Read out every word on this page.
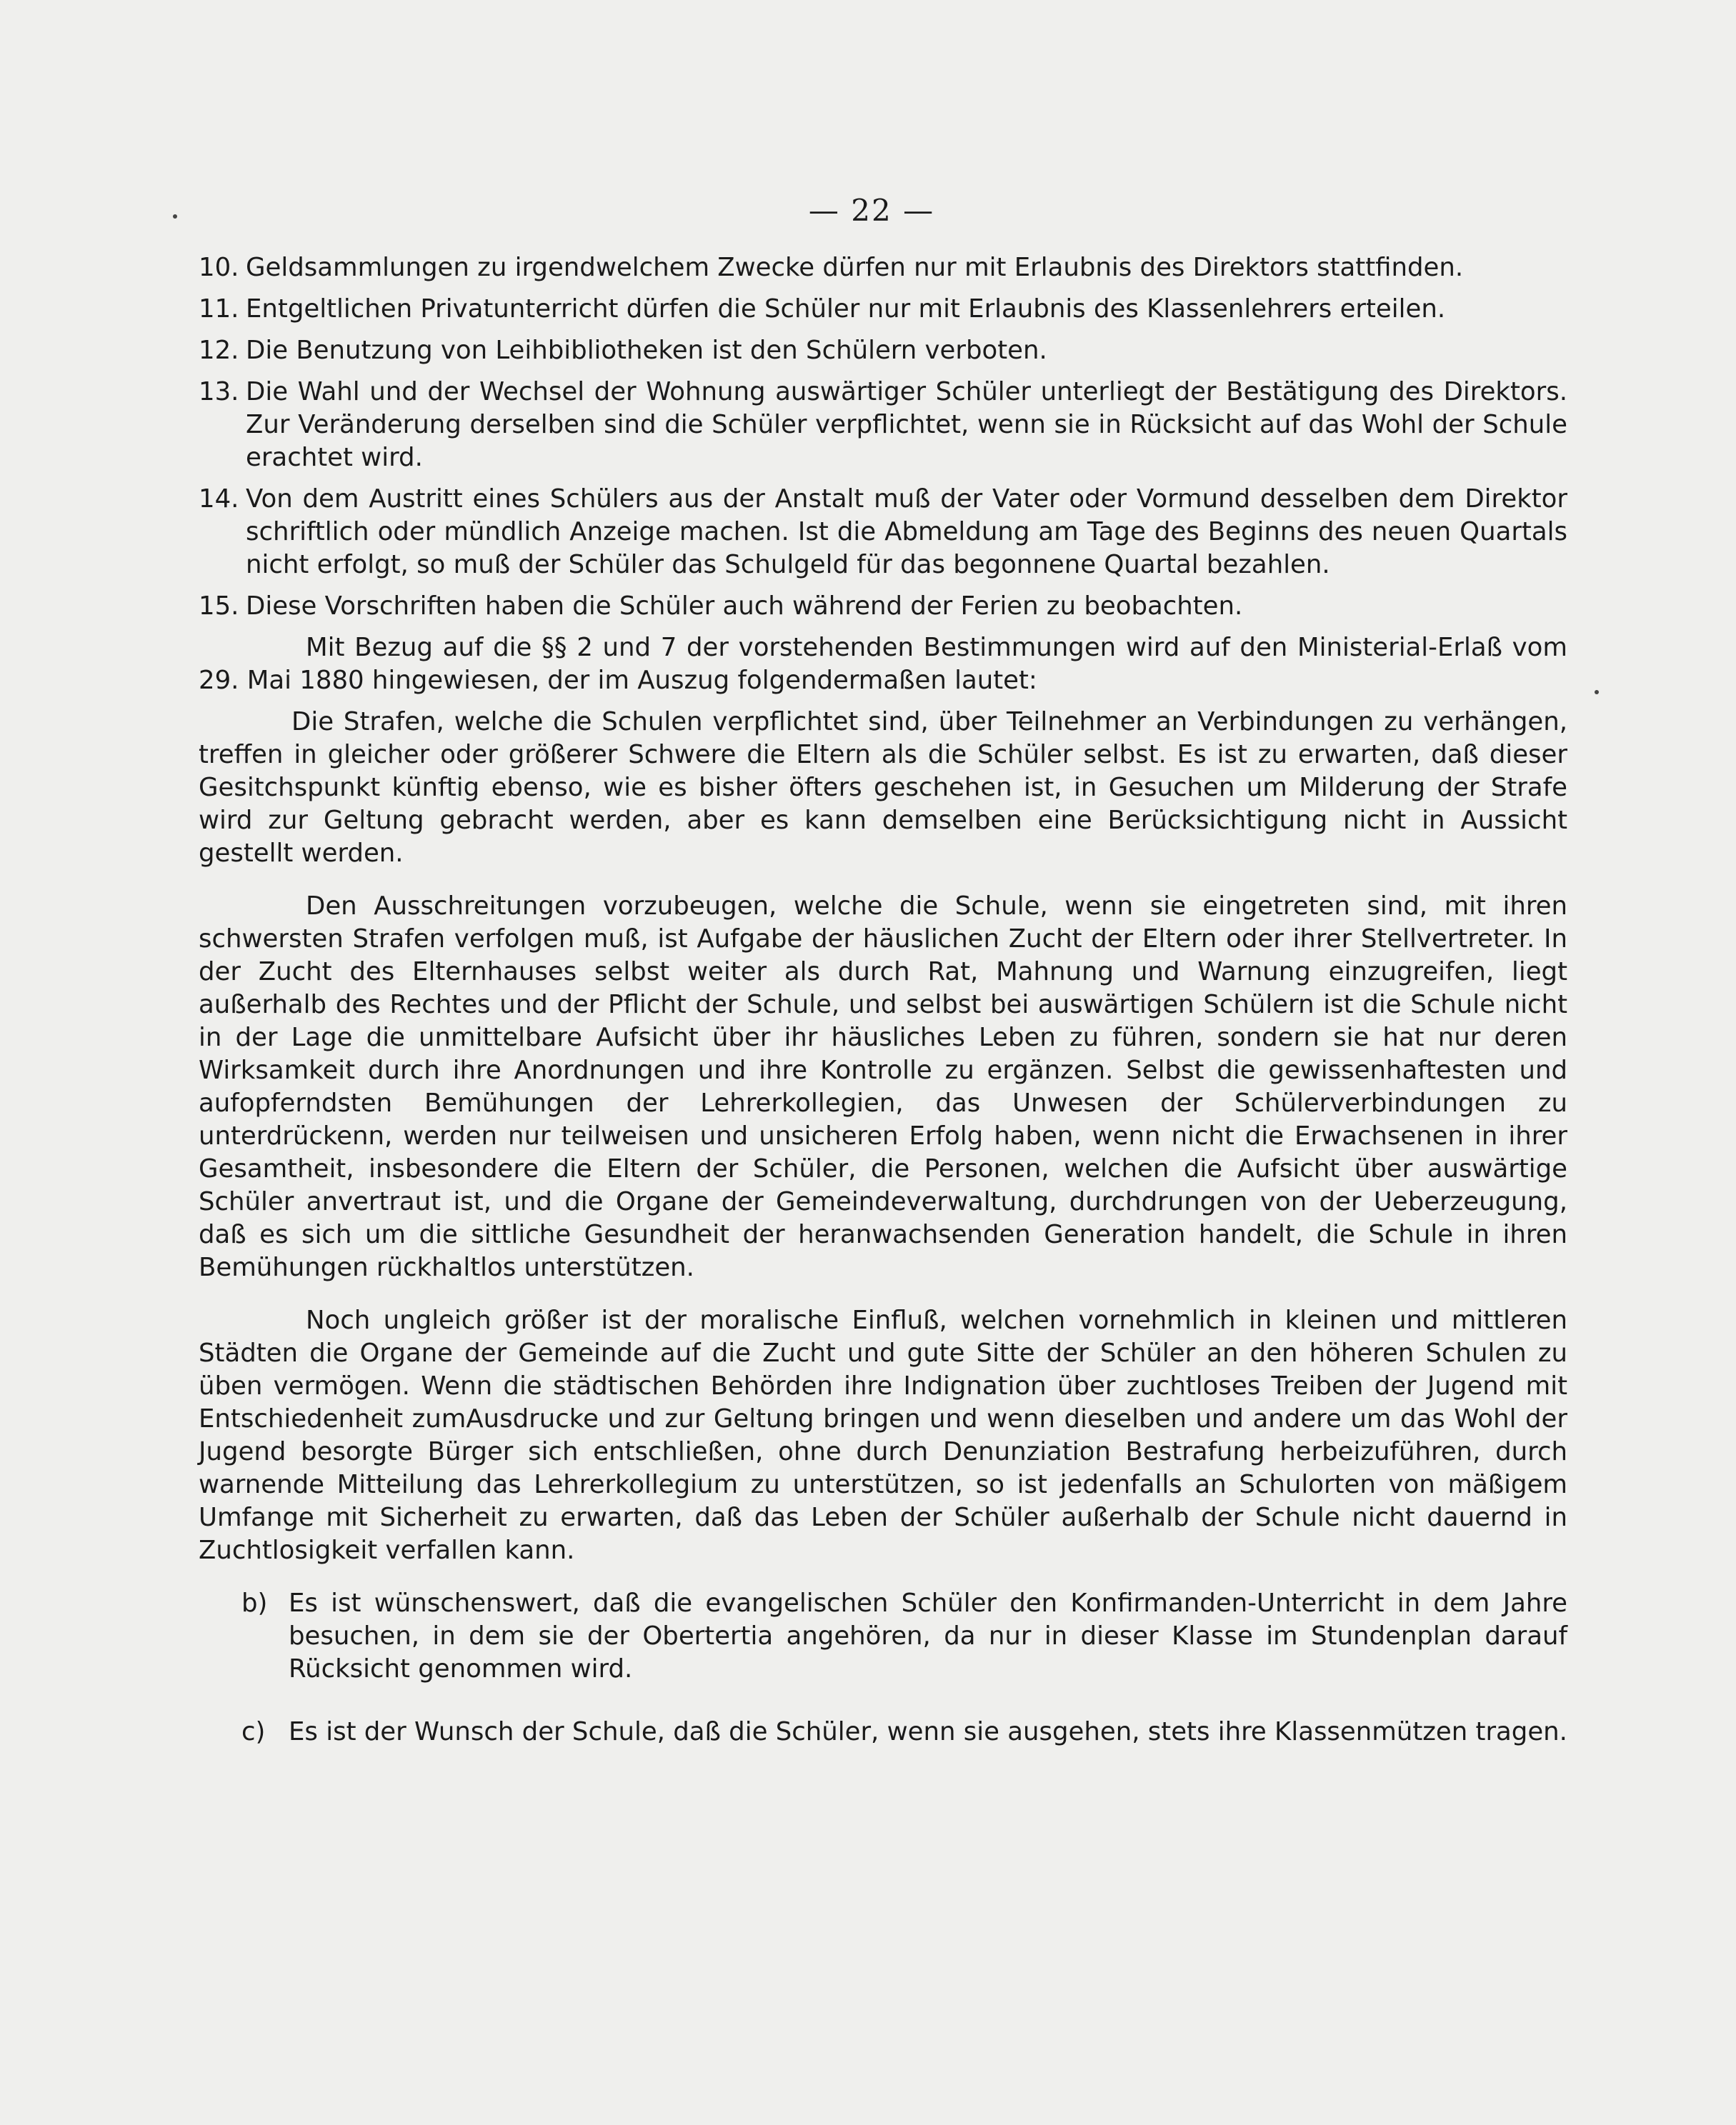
— 22 —
10. Geldsammlungen zu irgendwelchem Zwecke dürfen nur mit Erlaubnis des Direktors stattfinden.
11. Entgeltlichen Privatunterricht dürfen die Schüler nur mit Erlaubnis des Klassenlehrers erteilen.
12. Die Benutzung von Leihbibliotheken ist den Schülern verboten.
13. Die Wahl und der Wechsel der Wohnung auswärtiger Schüler unterliegt der Bestätigung des Direktors. Zur Veränderung derselben sind die Schüler verpflichtet, wenn sie in Rücksicht auf das Wohl der Schule erachtet wird.
14. Von dem Austritt eines Schülers aus der Anstalt muß der Vater oder Vormund desselben dem Direktor schriftlich oder mündlich Anzeige machen. Ist die Abmeldung am Tage des Beginns des neuen Quartals nicht erfolgt, so muß der Schüler das Schulgeld für das begonnene Quartal bezahlen.
15. Diese Vorschriften haben die Schüler auch während der Ferien zu beobachten.

Mit Bezug auf die §§ 2 und 7 der vorstehenden Bestimmungen wird auf den Ministerial-Erlaß vom 29. Mai 1880 hingewiesen, der im Auszug folgendermaßen lautet:

Die Strafen, welche die Schulen verpflichtet sind, über Teilnehmer an Verbindungen zu verhängen, treffen in gleicher oder größerer Schwere die Eltern als die Schüler selbst. Es ist zu erwarten, daß dieser Gesitchspunkt künftig ebenso, wie es bisher öfters geschehen ist, in Gesuchen um Milderung der Strafe wird zur Geltung gebracht werden, aber es kann demselben eine Berücksichtigung nicht in Aussicht gestellt werden.

Den Ausschreitungen vorzubeugen, welche die Schule, wenn sie eingetreten sind, mit ihren schwersten Strafen verfolgen muß, ist Aufgabe der häuslichen Zucht der Eltern oder ihrer Stellvertreter. In der Zucht des Elternhauses selbst weiter als durch Rat, Mahnung und Warnung einzugreifen, liegt außerhalb des Rechtes und der Pflicht der Schule, und selbst bei auswärtigen Schülern ist die Schule nicht in der Lage die unmittelbare Aufsicht über ihr häusliches Leben zu führen, sondern sie hat nur deren Wirksamkeit durch ihre Anordnungen und ihre Kontrolle zu ergänzen. Selbst die gewissenhaftesten und aufopferndsten Bemühungen der Lehrerkollegien, das Unwesen der Schülerverbindungen zu unterdrückenn, werden nur teilweisen und unsicheren Erfolg haben, wenn nicht die Erwachsenen in ihrer Gesamtheit, insbesondere die Eltern der Schüler, die Personen, welchen die Aufsicht über auswärtige Schüler anvertraut ist, und die Organe der Gemeindeverwaltung, durchdrungen von der Ueberzeugung, daß es sich um die sittliche Gesundheit der heranwachsenden Generation handelt, die Schule in ihren Bemühungen rückhaltlos unterstützen.

Noch ungleich größer ist der moralische Einfluß, welchen vornehmlich in kleinen und mittleren Städten die Organe der Gemeinde auf die Zucht und gute Sitte der Schüler an den höheren Schulen zu üben vermögen. Wenn die städtischen Behörden ihre Indignation über zuchtloses Treiben der Jugend mit Entschiedenheit zumAusdrucke und zur Geltung bringen und wenn dieselben und andere um das Wohl der Jugend besorgte Bürger sich entschließen, ohne durch Denunziation Bestrafung herbeizuführen, durch warnende Mitteilung das Lehrerkollegium zu unterstützen, so ist jedenfalls an Schulorten von mäßigem Umfange mit Sicherheit zu erwarten, daß das Leben der Schüler außerhalb der Schule nicht dauernd in Zuchtlosigkeit verfallen kann.

b) Es ist wünschenswert, daß die evangelischen Schüler den Konfirmanden-Unterricht in dem Jahre besuchen, in dem sie der Obertertia angehören, da nur in dieser Klasse im Stundenplan darauf Rücksicht genommen wird.
c) Es ist der Wunsch der Schule, daß die Schüler, wenn sie ausgehen, stets ihre Klassenmützen tragen.
